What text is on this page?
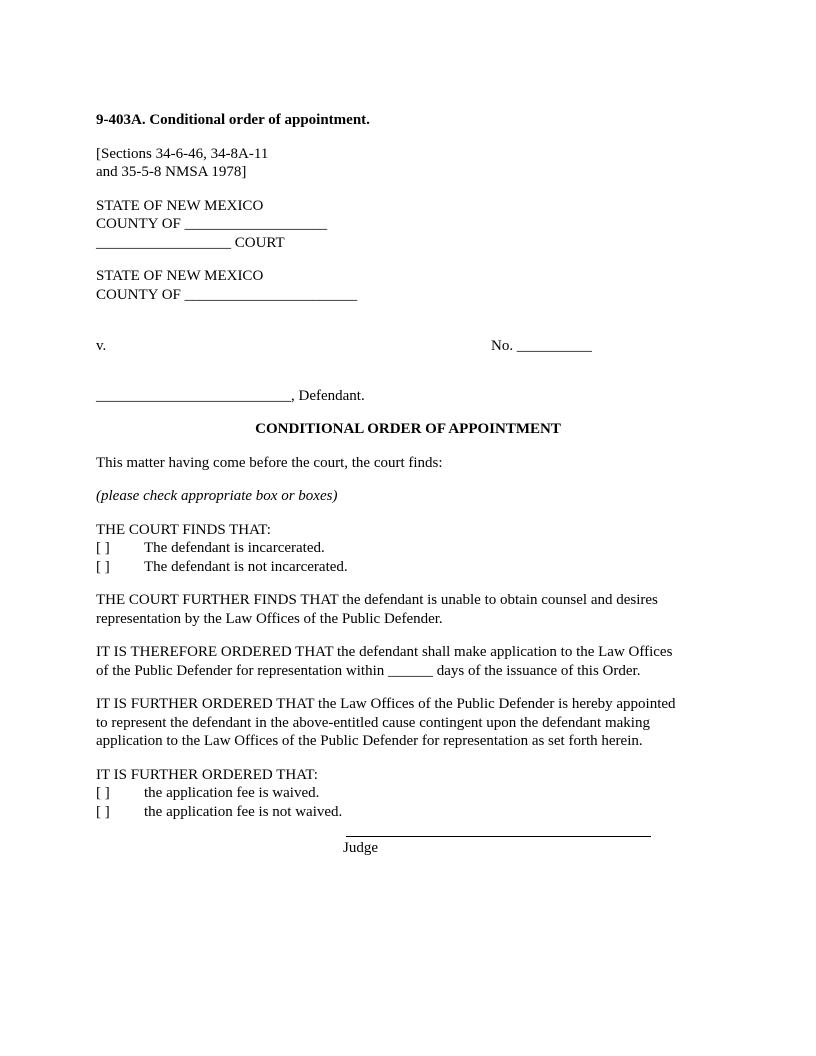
9-403A. Conditional order of appointment.

[Sections 34-6-46, 34-8A-11
and 35-5-8 NMSA 1978]
STATE OF NEW MEXICO
COUNTY OF ___________________
__________________ COURT
STATE OF NEW MEXICO
COUNTY OF _______________________
v.	No. __________
__________________________, Defendant.

CONDITIONAL ORDER OF APPOINTMENT

This matter having come before the court, the court finds:

(please check appropriate box or boxes)

THE COURT FINDS THAT:
[ ]	The defendant is incarcerated.
[ ]	The defendant is not incarcerated.
THE COURT FURTHER FINDS THAT the defendant is unable to obtain counsel and desires
representation by the Law Offices of the Public Defender.
IT IS THEREFORE ORDERED THAT the defendant shall make application to the Law Offices
of the Public Defender for representation within ______ days of the issuance of this Order.
IT IS FURTHER ORDERED THAT the Law Offices of the Public Defender is hereby appointed
to represent the defendant in the above-entitled cause contingent upon the defendant making
application to the Law Offices of the Public Defender for representation as set forth herein.
IT IS FURTHER ORDERED THAT:
[ ]	the application fee is waived.
[ ]	the application fee is not waived.
Judge
